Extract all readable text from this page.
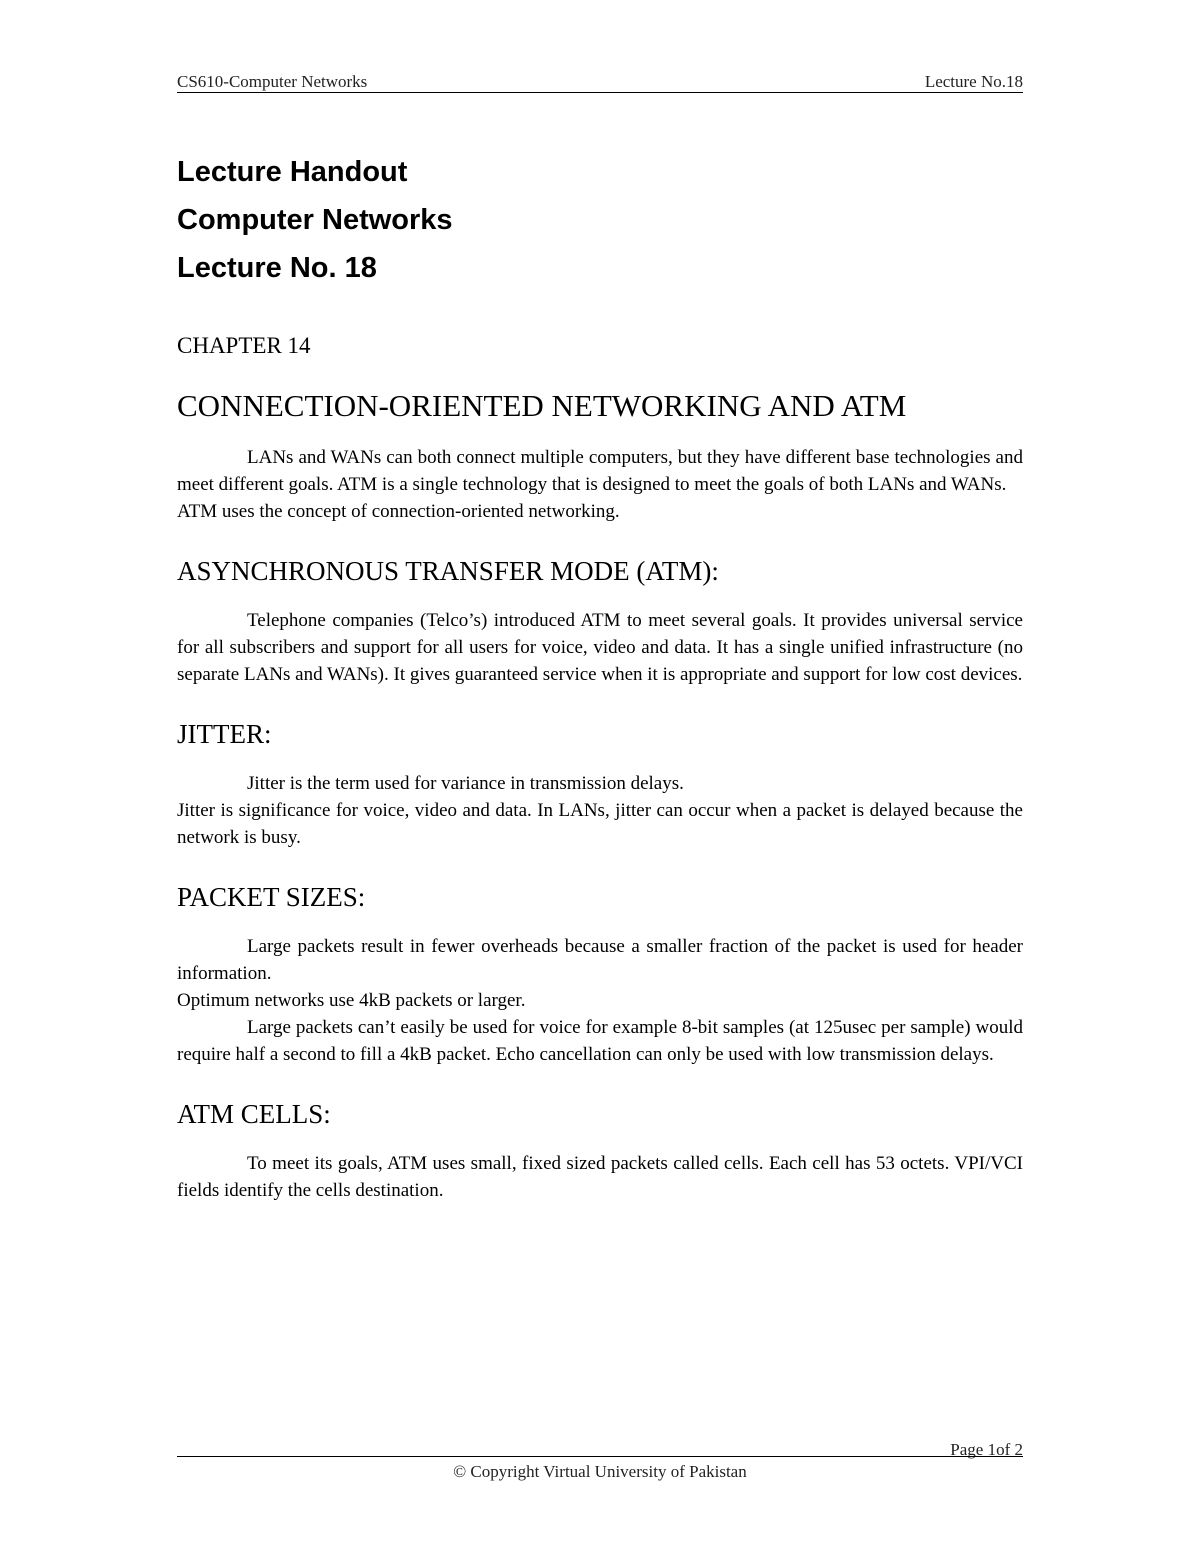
CS610-Computer Networks	Lecture No.18
Lecture Handout
Computer Networks
Lecture No. 18
CHAPTER 14
CONNECTION-ORIENTED NETWORKING AND ATM

LANs and WANs can both connect multiple computers, but they have different base technologies and meet different goals. ATM is a single technology that is designed to meet the goals of both LANs and WANs.

ATM uses the concept of connection-oriented networking.

ASYNCHRONOUS TRANSFER MODE (ATM):

Telephone companies (Telco’s) introduced ATM to meet several goals. It provides universal service for all subscribers and support for all users for voice, video and data. It has a single unified infrastructure (no separate LANs and WANs). It gives guaranteed service when it is appropriate and support for low cost devices.

JITTER:

Jitter is the term used for variance in transmission delays.

Jitter is significance for voice, video and data. In LANs, jitter can occur when a packet is delayed because the network is busy.

PACKET SIZES:

Large packets result in fewer overheads because a smaller fraction of the packet is used for header information.

Optimum networks use 4kB packets or larger.

Large packets can’t easily be used for voice for example 8-bit samples (at 125usec per sample) would require half a second to fill a 4kB packet. Echo cancellation can only be used with low transmission delays.

ATM CELLS:

To meet its goals, ATM uses small, fixed sized packets called cells. Each cell has 53 octets. VPI/VCI fields identify the cells destination.

Page 1of 2
© Copyright Virtual University of Pakistan
